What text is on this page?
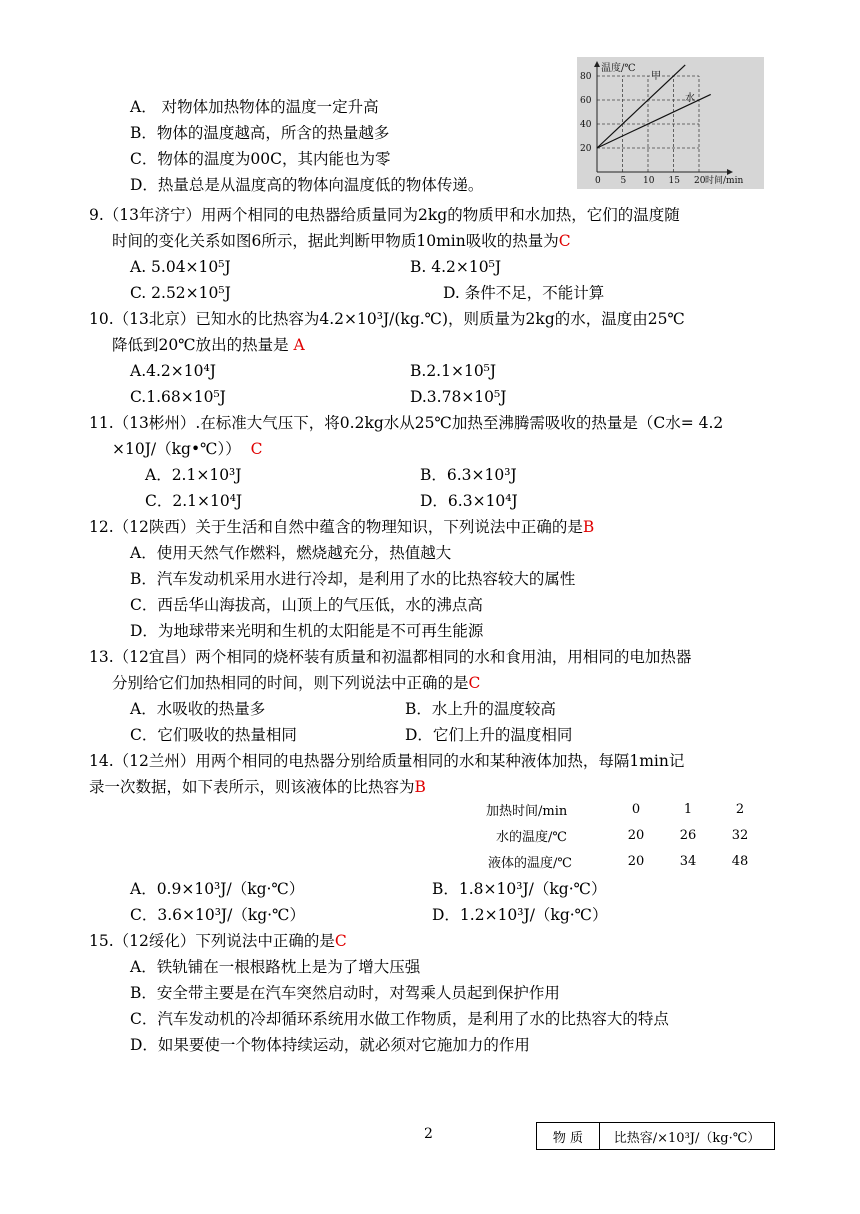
A． 对物体加热物体的温度一定升高
B．物体的温度越高，所含的热量越多
C．物体的温度为00C，其内能也为零
D．热量总是从温度高的物体向温度低的物体传递。
温度/℃
时间/min
80
60
40
20
0 5 10 15 20
甲
水
9.（13年济宁）用两个相同的电热器给质量同为2kg的物质甲和水加热，它们的温度随
时间的变化关系如图6所示，据此判断甲物质10min吸收的热量为C
A. 5.04×10⁵J	B. 4.2×10⁵J
C. 2.52×10⁵J	D. 条件不足，不能计算
10.（13北京）已知水的比热容为4.2×10³J/(kg.℃)，则质量为2kg的水，温度由25℃
降低到20℃放出的热量是 A
A.4.2×10⁴J	B.2.1×10⁵J
C.1.68×10⁵J	D.3.78×10⁵J
11.（13彬州）.在标准大气压下，将0.2kg水从25℃加热至沸腾需吸收的热量是（C水= 4.2
×10J/（kg•℃）） C
A．2.1×10³J	B．6.3×10³J
C．2.1×10⁴J	D．6.3×10⁴J
12.（12陕西）关于生活和自然中蕴含的物理知识，下列说法中正确的是B
A．使用天然气作燃料，燃烧越充分，热值越大
B．汽车发动机采用水进行冷却，是利用了水的比热容较大的属性
C．西岳华山海拔高，山顶上的气压低，水的沸点高
D．为地球带来光明和生机的太阳能是不可再生能源
13.（12宜昌）两个相同的烧杯装有质量和初温都相同的水和食用油，用相同的电加热器
分别给它们加热相同的时间，则下列说法中正确的是C
A．水吸收的热量多	B．水上升的温度较高
C．它们吸收的热量相同	D．它们上升的温度相同
14.（12兰州）用两个相同的电热器分别给质量相同的水和某种液体加热，每隔1min记
录一次数据，如下表所示，则该液体的比热容为B
加热时间/min	0	1	2
水的温度/℃	20	26	32
液体的温度/℃	20	34	48
A．0.9×10³J/（kg·℃）	B．1.8×10³J/（kg·℃）
C．3.6×10³J/（kg·℃）	D．1.2×10³J/（kg·℃）
15.（12绥化）下列说法中正确的是C
A．铁轨铺在一根根路枕上是为了增大压强
B．安全带主要是在汽车突然启动时，对驾乘人员起到保护作用
C．汽车发动机的冷却循环系统用水做工作物质，是利用了水的比热容大的特点
D．如果要使一个物体持续运动，就必须对它施加力的作用
2	物 质	比热容/×10³J/（kg·℃）
